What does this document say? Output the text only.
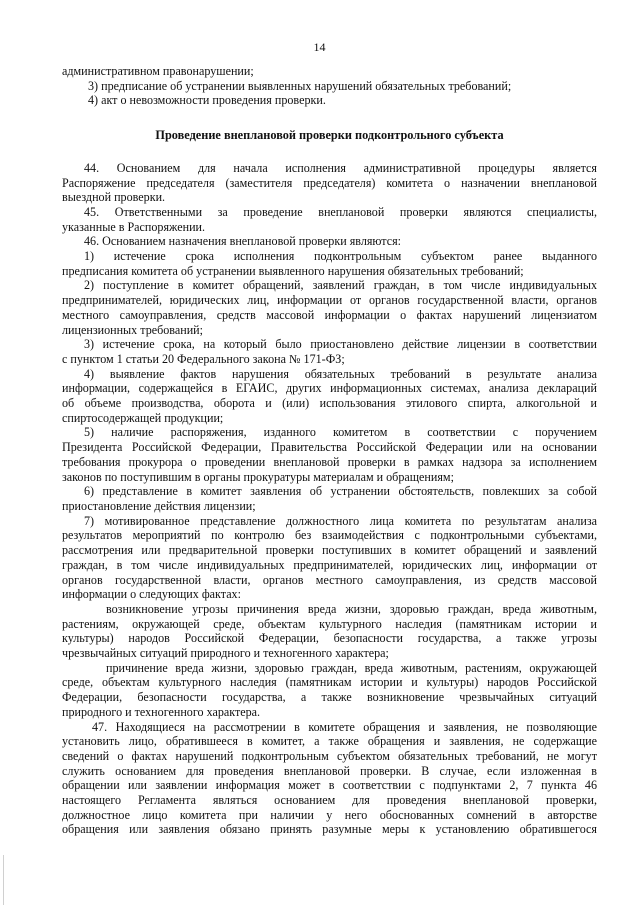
14

административном правонарушении;

3) предписание об устранении выявленных нарушений обязательных требований;

4) акт о невозможности проведения проверки.

Проведение внеплановой проверки подконтрольного субъекта

44. Основанием для начала исполнения административной процедуры является

Распоряжение председателя (заместителя председателя) комитета о назначении внеплановой

выездной проверки.

45. Ответственными за проведение внеплановой проверки являются специалисты,

указанные в Распоряжении.

46. Основанием назначения внеплановой проверки являются:

1) истечение срока исполнения подконтрольным субъектом ранее выданного

предписания комитета об устранении выявленного нарушения обязательных требований;

2) поступление в комитет обращений, заявлений граждан, в том числе индивидуальных

предпринимателей, юридических лиц, информации от органов государственной власти, органов

местного самоуправления, средств массовой информации о фактах нарушений лицензиатом

лицензионных требований;

3) истечение срока, на который было приостановлено действие лицензии в соответствии

с пунктом 1 статьи 20 Федерального закона № 171-ФЗ;

4) выявление фактов нарушения обязательных требований в результате анализа

информации, содержащейся в ЕГАИС, других информационных системах, анализа деклараций

об объеме производства, оборота и (или) использования этилового спирта, алкогольной и

спиртосодержащей продукции;

5) наличие распоряжения, изданного комитетом в соответствии с поручением

Президента Российской Федерации, Правительства Российской Федерации или на основании

требования прокурора о проведении внеплановой проверки в рамках надзора за исполнением

законов по поступившим в органы прокуратуры материалам и обращениям;

6) представление в комитет заявления об устранении обстоятельств, повлекших за собой

приостановление действия лицензии;

7) мотивированное представление должностного лица комитета по результатам анализа

результатов мероприятий по контролю без взаимодействия с подконтрольными субъектами,

рассмотрения или предварительной проверки поступивших в комитет обращений и заявлений

граждан, в том числе индивидуальных предпринимателей, юридических лиц, информации от

органов государственной власти, органов местного самоуправления, из средств массовой

информации о следующих фактах:

возникновение угрозы причинения вреда жизни, здоровью граждан, вреда животным,

растениям, окружающей среде, объектам культурного наследия (памятникам истории и

культуры) народов Российской Федерации, безопасности государства, а также угрозы

чрезвычайных ситуаций природного и техногенного характера;

причинение вреда жизни, здоровью граждан, вреда животным, растениям, окружающей

среде, объектам культурного наследия (памятникам истории и культуры) народов Российской

Федерации, безопасности государства, а также возникновение чрезвычайных ситуаций

природного и техногенного характера.

47. Находящиеся на рассмотрении в комитете обращения и заявления, не позволяющие

установить лицо, обратившееся в комитет, а также обращения и заявления, не содержащие

сведений о фактах нарушений подконтрольным субъектом обязательных требований, не могут

служить основанием для проведения внеплановой проверки. В случае, если изложенная в

обращении или заявлении информация может в соответствии с подпунктами 2, 7 пункта 46

настоящего Регламента являться основанием для проведения внеплановой проверки,

должностное лицо комитета при наличии у него обоснованных сомнений в авторстве

обращения или заявления обязано принять разумные меры к установлению обратившегося
